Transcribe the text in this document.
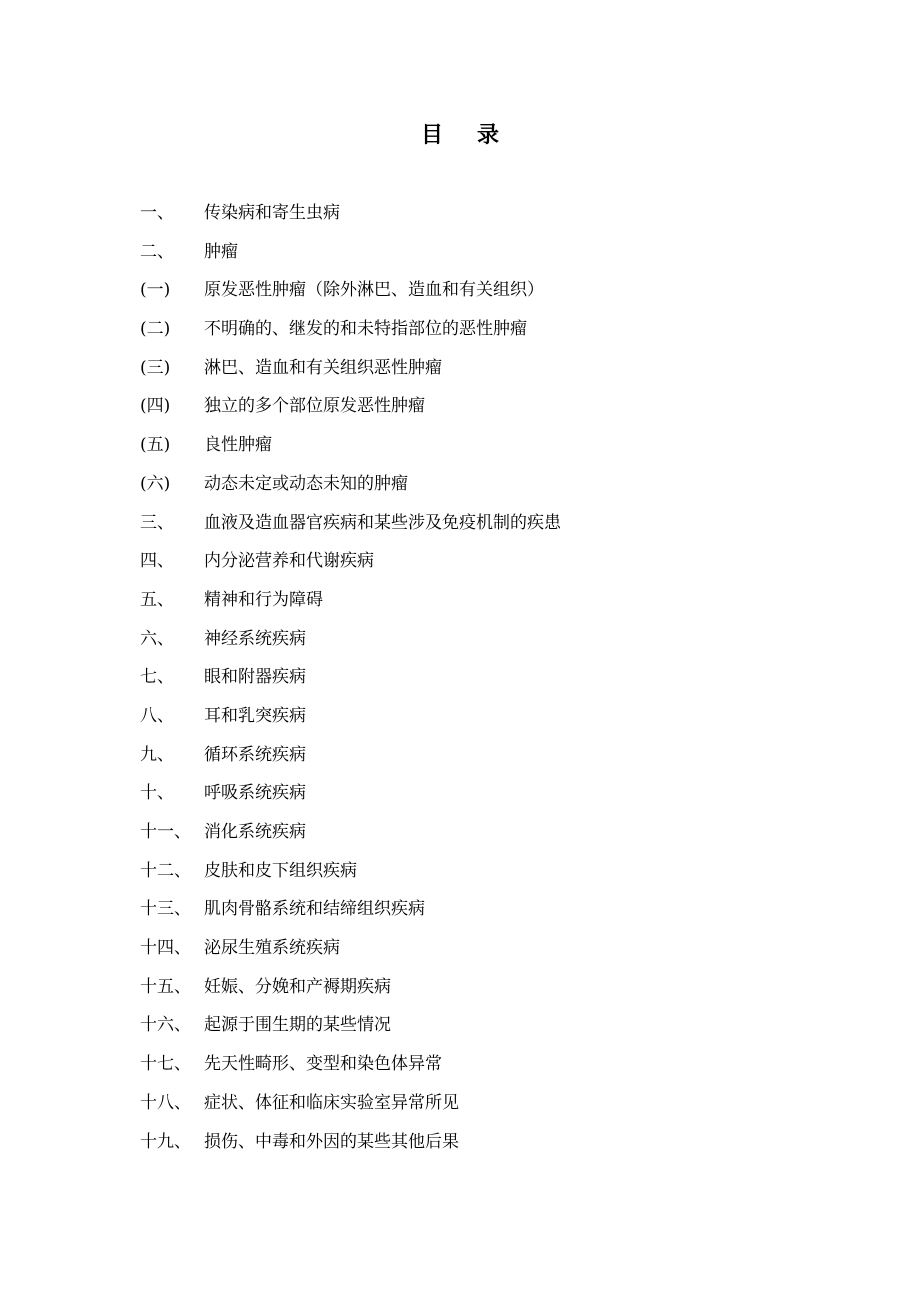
目 录
一、	传染病和寄生虫病
二、	肿瘤
(一)	原发恶性肿瘤（除外淋巴、造血和有关组织）
(二)	不明确的、继发的和未特指部位的恶性肿瘤
(三)	淋巴、造血和有关组织恶性肿瘤
(四)	独立的多个部位原发恶性肿瘤
(五)	良性肿瘤
(六)	动态未定或动态未知的肿瘤
三、	血液及造血器官疾病和某些涉及免疫机制的疾患
四、	内分泌营养和代谢疾病
五、	精神和行为障碍
六、	神经系统疾病
七、	眼和附器疾病
八、	耳和乳突疾病
九、	循环系统疾病
十、	呼吸系统疾病
十一、 消化系统疾病
十二、 皮肤和皮下组织疾病
十三、 肌肉骨骼系统和结缔组织疾病
十四、 泌尿生殖系统疾病
十五、 妊娠、分娩和产褥期疾病
十六、 起源于围生期的某些情况
十七、 先天性畸形、变型和染色体异常
十八、 症状、体征和临床实验室异常所见
十九、 损伤、中毒和外因的某些其他后果
